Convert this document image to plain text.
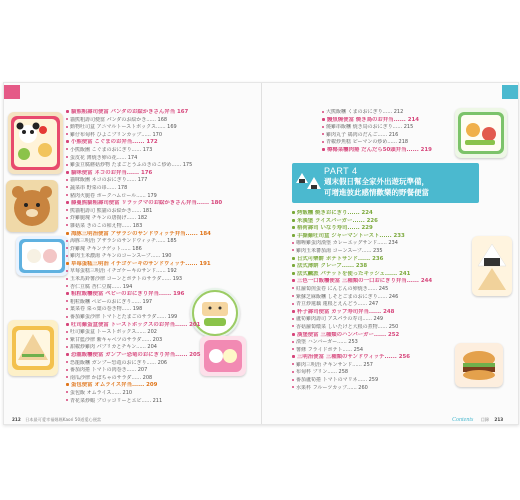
貓熊粗壽司便當 パンダのお絵かきさん弁当 167
貓熊粗壽司便當 パンダのお絵かき...... 168
動物吐司盒 アニマルトーストボックス...... 169
雞仔布甸杯 ひよこプリンカップ...... 170
小熊便當 こぐまのお弁当...... 172
小熊飯團 こぐまのおにぎり...... 173
蛋皮花 薄焼き卵の花...... 174
雞蛋豆腐蘑菇炒物 たまごとうふのきのこ炒め...... 175
貓咪便當 ネコのお弁当...... 176
貓咪飯團 ネコのおにぎり...... 177
蔬菜串 野菜の串...... 178
豬肉火腿卷 ポークハムロール...... 179
藤蔓熊貓粗壽司便當 リラックマのお絵かきさん弁当...... 180
熊貓粗壽司 熊貓のお絵かき...... 181
炸雞腿塊 チキンの唐揚げ...... 182
雜菇菜 きのこの和え物...... 183
海豚三明治便當 アザラシのサンドウィッチ弁当...... 184
海豚三明治 アザラシのサンドウィッチ...... 185
炸雞塊 チキンナゲット...... 186
雞肉玉米濃湯 チキンのコーンスープ...... 190
草莓蛋糕三明治 イチゴケーキのサンドウィッチ...... 191
草莓蛋糕三明治 イチゴケーキのサンド...... 192
玉米馬鈴薯沙律 コーンとポテトのサラダ...... 193
杏仁豆腐 杏仁豆腐...... 194
粗粒飯糰便當 ペビーのおにぎり弁当...... 196
粗粒飯糰 ペビーのおにぎり...... 197
葉菜卷 菜っ葉の巻き物...... 198
番茄雞蛋沙律 トマトとたまごのサラダ...... 199
吐司雞蛋盒便當 トーストボックスのお弁当...... 201
吐司雞蛋盒 トーストボックス...... 202
紫甘藍沙律 紫キャベツのサラダ...... 203
甜椒炒雞肉 パプリカとチキン...... 204
恐龍飯糰便當 ガンブー恐竜のおにぎり弁当...... 205
恐龍飯糰 ガンブー恐竜のおにぎり...... 206
番茄肉捲 トマトの肉巻き...... 207
南瓜沙律 かぼちゃのサラダ...... 208
蛋包便當 オムライス弁当...... 209
蛋包飯 オムライス...... 210
青花菜炒蝦 ブロッコリーとエビ...... 211
大熊飯糰 くまのおにぎり...... 212
鰻魚燒便當 焼き鳥のお弁当...... 214
燒雞串飯糰 焼き鳥のおにぎり...... 215
雞肉丸子 鶏肉のだんご...... 216
青椒炒魚糕 ピーマンの炒め...... 218
樽椰菜糰肉捲 だんだら50頭弁当...... 219
PART 4
週末假日幫全家外出遊玩準備，
可增進彼此感情歡樂的野餐便當
烤飯糰 焼きおにぎり...... 224
米漢堡 ライスバーガー...... 226
稻荷壽司 いなり寿司...... 229
手撕雞吐司盒 ジャーマントースト...... 233
咖喱雞蛋肉漢堡 カレーエッグサンド...... 234
雞肉玉米蕃茄湯 コーンスープ...... 235
日式可樂餅 ポテトサンド...... 236
法式薄餅 クレープ...... 238
法式鹹派 パテットを使ったキッシュ...... 241
三色一口飯糰便當 三種類の一口おにぎり弁当...... 244
紅蘿蔔煎蛋卷 にんじんの卵焼き...... 245
紫蘇芝麻飯糰 しそとごまのおにぎり...... 246
青豆炒蓮藕 蓮根とえんどう...... 247
杯子壽司便當 カップ寿司弁当...... 248
蘆筍雞肉壽司 アスパラの寿司...... 249
香菇蘿蔔燉菜 しいたけと大根の煮物...... 250
漢堡便當 三種類のハンバーガー...... 252
漢堡 ハンバーガー...... 253
薯條 フライドポテト...... 254
三明治便當 三種類のサンドウィッチ...... 256
雞肉三明治 チキンサンド...... 257
布甸杯 プリン...... 258
番茄蘆筍捲 トマトのマリネ...... 259
水果杯 フルーツカップ...... 260
212 日本最可愛幸福媽媽Kaori 50道愛心便當	Contents 目錄 213
